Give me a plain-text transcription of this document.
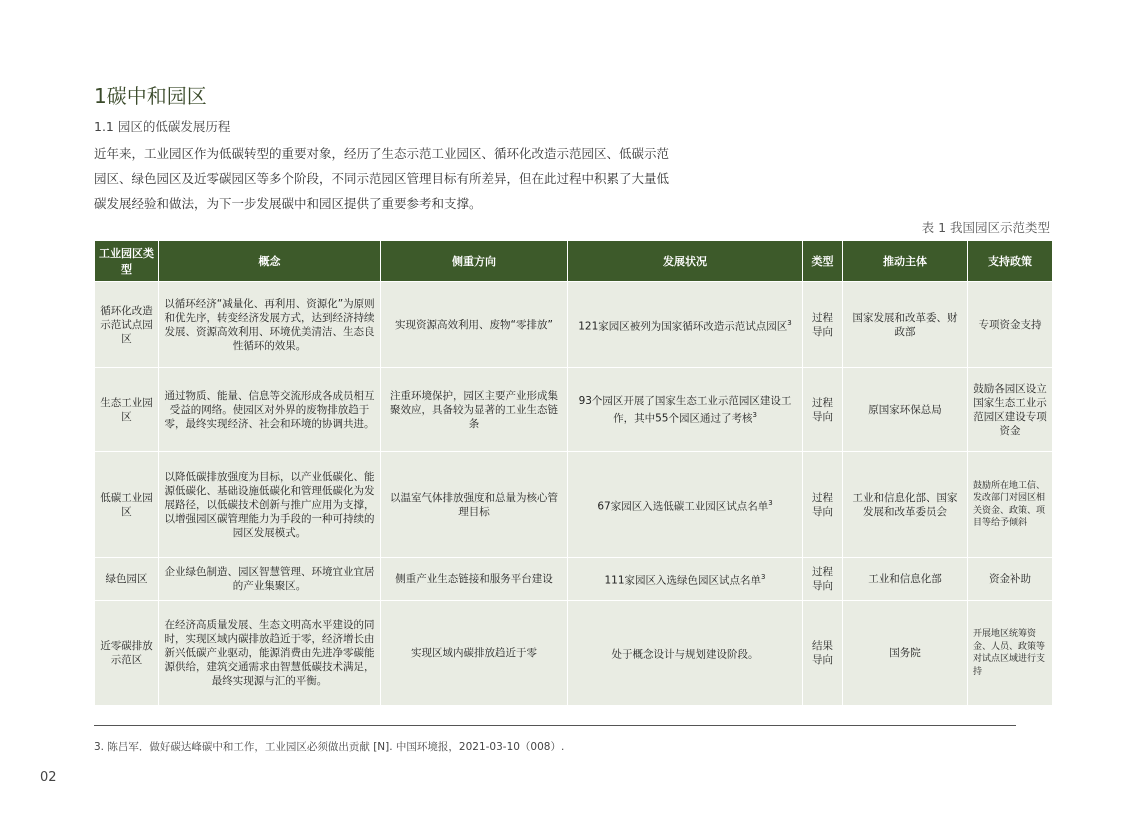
1碳中和园区
1.1 园区的低碳发展历程
近年来，工业园区作为低碳转型的重要对象，经历了生态示范工业园区、循环化改造示范园区、低碳示范园区、绿色园区及近零碳园区等多个阶段，不同示范园区管理目标有所差异，但在此过程中积累了大量低碳发展经验和做法，为下一步发展碳中和园区提供了重要参考和支撑。
表 1 我国园区示范类型
工业园区类型	概念	侧重方向	发展状况	类型	推动主体	支持政策
循环化改造示范试点园区	以循环经济“减量化、再利用、资源化”为原则和优先序，转变经济发展方式，达到经济持续发展、资源高效利用、环境优美清洁、生态良性循环的效果。	实现资源高效利用、废物“零排放”	121家园区被列为国家循环改造示范试点园区$^3$	过程导向	国家发展和改革委、财政部	专项资金支持
生态工业园区	通过物质、能量、信息等交流形成各成员相互受益的网络。使园区对外界的废物排放趋于零，最终实现经济、社会和环境的协调共进。	注重环境保护，园区主要产业形成集聚效应，具备较为显著的工业生态链条	93个园区开展了国家生态工业示范园区建设工作，其中55个园区通过了考核$^3$	过程导向	原国家环保总局	鼓励各园区设立国家生态工业示范园区建设专项资金
低碳工业园区	以降低碳排放强度为目标，以产业低碳化、能源低碳化、基础设施低碳化和管理低碳化为发展路径，以低碳技术创新与推广应用为支撑，以增强园区碳管理能力为手段的一种可持续的园区发展模式。	以温室气体排放强度和总量为核心管理目标	67家园区入选低碳工业园区试点名单$^3$	过程导向	工业和信息化部、国家发展和改革委员会	鼓励所在地工信、发改部门对园区相关资金、政策、项目等给予倾斜
绿色园区	企业绿色制造、园区智慧管理、环境宜业宜居的产业集聚区。	侧重产业生态链接和服务平台建设	111家园区入选绿色园区试点名单$^3$	过程导向	工业和信息化部	资金补助
近零碳排放示范区	在经济高质量发展、生态文明高水平建设的同时，实现区域内碳排放趋近于零，经济增长由新兴低碳产业驱动，能源消费由先进净零碳能源供给，建筑交通需求由智慧低碳技术满足，最终实现源与汇的平衡。	实现区域内碳排放趋近于零	处于概念设计与规划建设阶段。	结果导向	国务院	开展地区统筹资金、人员、政策等对试点区域进行支持
3. 陈吕军．做好碳达峰碳中和工作，工业园区必须做出贡献 [N]. 中国环境报，2021-03-10（008）.
02
